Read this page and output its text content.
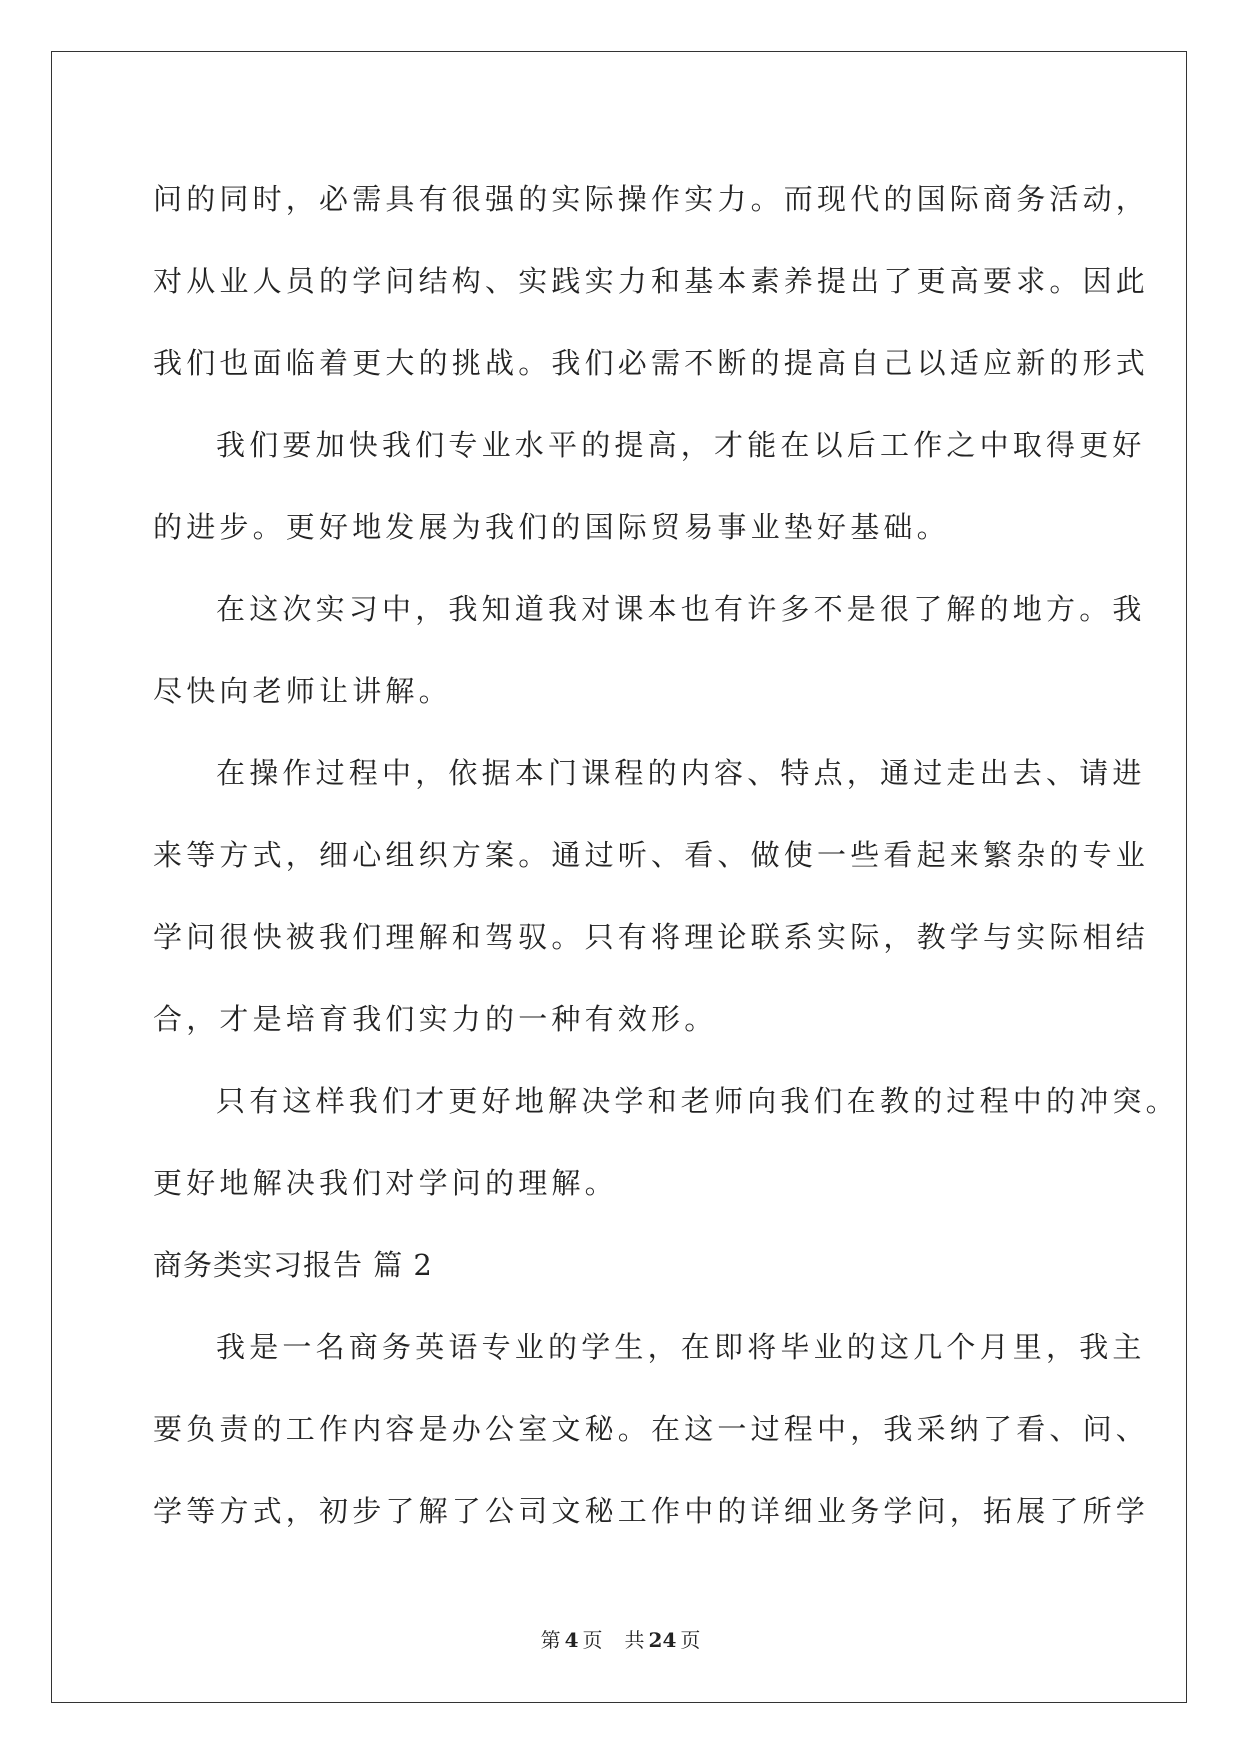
问的同时，必需具有很强的实际操作实力。而现代的国际商务活动，
对从业人员的学问结构、实践实力和基本素养提出了更高要求。因此
我们也面临着更大的挑战。我们必需不断的提高自己以适应新的形式
我们要加快我们专业水平的提高，才能在以后工作之中取得更好
的进步。更好地发展为我们的国际贸易事业垫好基础。
在这次实习中，我知道我对课本也有许多不是很了解的地方。我
尽快向老师让讲解。
在操作过程中，依据本门课程的内容、特点，通过走出去、请进
来等方式，细心组织方案。通过听、看、做使一些看起来繁杂的专业
学问很快被我们理解和驾驭。只有将理论联系实际，教学与实际相结
合，才是培育我们实力的一种有效形。
只有这样我们才更好地解决学和老师向我们在教的过程中的冲突。
更好地解决我们对学问的理解。
商务类实习报告 篇 2
我是一名商务英语专业的学生，在即将毕业的这几个月里，我主
要负责的工作内容是办公室文秘。在这一过程中，我采纳了看、问、
学等方式，初步了解了公司文秘工作中的详细业务学问，拓展了所学
第 4 页 共 24 页
